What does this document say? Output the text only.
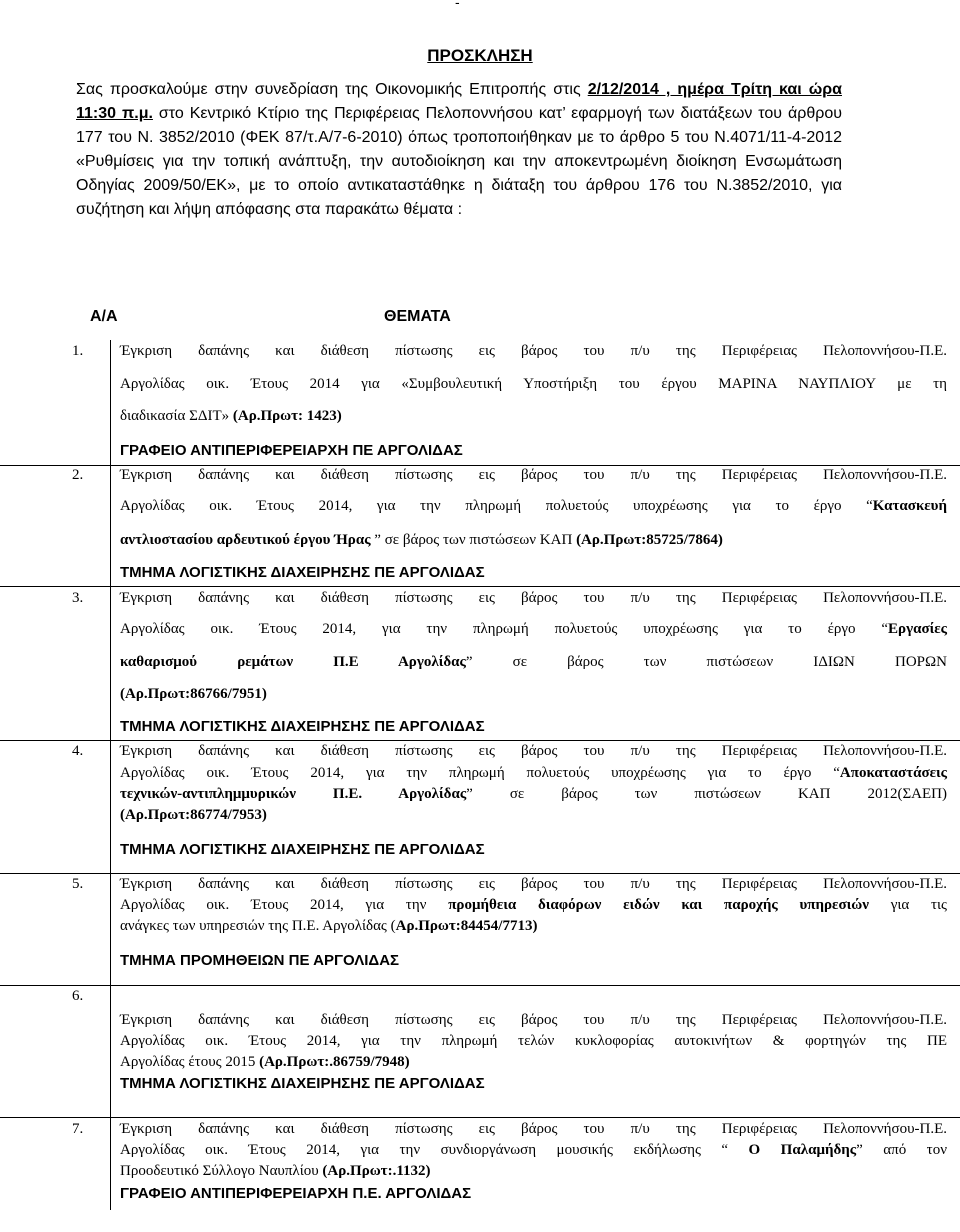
-
ΠΡΟΣΚΛΗΣΗ
Σας προσκαλούμε στην συνεδρίαση της Οικονομικής Επιτροπής στις 2/12/2014 , ημέρα Τρίτη και ώρα 11:30 π.μ. στο Κεντρικό Κτίριο της Περιφέρειας Πελοποννήσου κατ’ εφαρμογή των διατάξεων του άρθρου 177 του Ν. 3852/2010 (ΦΕΚ 87/τ.Α/7-6-2010) όπως τροποποιήθηκαν με το άρθρο 5 του Ν.4071/11-4-2012 «Ρυθμίσεις για την τοπική ανάπτυξη, την αυτοδιοίκηση και την αποκεντρωμένη διοίκηση Ενσωμάτωση Οδηγίας 2009/50/ΕΚ», με το οποίο αντικαταστάθηκε η διάταξη του άρθρου 176 του Ν.3852/2010, για συζήτηση και λήψη απόφασης στα παρακάτω θέματα :
Α/Α	ΘΕΜΑΤΑ
1. Έγκριση δαπάνης και διάθεση πίστωσης εις βάρος του π/υ της Περιφέρειας Πελοποννήσου-Π.Ε.
Αργολίδας οικ. Έτους 2014 για «Συμβουλευτική Υποστήριξη του έργου ΜΑΡΙΝΑ ΝΑΥΠΛΙΟΥ με τη
διαδικασία ΣΔΙΤ» (Αρ.Πρωτ: 1423)
ΓΡΑΦΕΙΟ ΑΝΤΙΠΕΡΙΦΕΡΕΙΑΡΧΗ ΠΕ ΑΡΓΟΛΙΔΑΣ
2. Έγκριση δαπάνης και διάθεση πίστωσης εις βάρος του π/υ της Περιφέρειας Πελοποννήσου-Π.Ε.
Αργολίδας οικ. Έτους 2014, για την πληρωμή πολυετούς υποχρέωσης για το έργο “Κατασκευή
αντλιοστασίου αρδευτικού έργου Ήρας ” σε βάρος των πιστώσεων ΚΑΠ (Αρ.Πρωτ:85725/7864)
ΤΜΗΜΑ ΛΟΓΙΣΤΙΚΗΣ ΔΙΑΧΕΙΡΗΣΗΣ ΠΕ ΑΡΓΟΛΙΔΑΣ
3. Έγκριση δαπάνης και διάθεση πίστωσης εις βάρος του π/υ της Περιφέρειας Πελοποννήσου-Π.Ε.
Αργολίδας οικ. Έτους 2014, για την πληρωμή πολυετούς υποχρέωσης για το έργο “Εργασίες
καθαρισμού ρεμάτων Π.Ε Αργολίδας” σε βάρος των πιστώσεων ΙΔΙΩΝ ΠΟΡΩΝ
(Αρ.Πρωτ:86766/7951)
ΤΜΗΜΑ ΛΟΓΙΣΤΙΚΗΣ ΔΙΑΧΕΙΡΗΣΗΣ ΠΕ ΑΡΓΟΛΙΔΑΣ
4. Έγκριση δαπάνης και διάθεση πίστωσης εις βάρος του π/υ της Περιφέρειας Πελοποννήσου-Π.Ε.
Αργολίδας οικ. Έτους 2014, για την πληρωμή πολυετούς υποχρέωσης για το έργο “Αποκαταστάσεις
τεχνικών-αντιπλημμυρικών Π.Ε. Αργολίδας” σε βάρος των πιστώσεων ΚΑΠ 2012(ΣΑΕΠ)
(Αρ.Πρωτ:86774/7953)
ΤΜΗΜΑ ΛΟΓΙΣΤΙΚΗΣ ΔΙΑΧΕΙΡΗΣΗΣ ΠΕ ΑΡΓΟΛΙΔΑΣ
5. Έγκριση δαπάνης και διάθεση πίστωσης εις βάρος του π/υ της Περιφέρειας Πελοποννήσου-Π.Ε.
Αργολίδας οικ. Έτους 2014, για την προμήθεια διαφόρων ειδών και παροχής υπηρεσιών για τις
ανάγκες των υπηρεσιών της Π.Ε. Αργολίδας (Αρ.Πρωτ:84454/7713)
ΤΜΗΜΑ ΠΡΟΜΗΘΕΙΩΝ ΠΕ ΑΡΓΟΛΙΔΑΣ
6.
Έγκριση δαπάνης και διάθεση πίστωσης εις βάρος του π/υ της Περιφέρειας Πελοποννήσου-Π.Ε.
Αργολίδας οικ. Έτους 2014, για την πληρωμή τελών κυκλοφορίας αυτοκινήτων & φορτηγών της ΠΕ
Αργολίδας έτους 2015 (Αρ.Πρωτ:.86759/7948)
ΤΜΗΜΑ ΛΟΓΙΣΤΙΚΗΣ ΔΙΑΧΕΙΡΗΣΗΣ ΠΕ ΑΡΓΟΛΙΔΑΣ
7. Έγκριση δαπάνης και διάθεση πίστωσης εις βάρος του π/υ της Περιφέρειας Πελοποννήσου-Π.Ε.
Αργολίδας οικ. Έτους 2014, για την συνδιοργάνωση μουσικής εκδήλωσης “ Ο Παλαμήδης” από τον
Προοδευτικό Σύλλογο Ναυπλίου (Αρ.Πρωτ:.1132)
ΓΡΑΦΕΙΟ ΑΝΤΙΠΕΡΙΦΕΡΕΙΑΡΧΗ Π.Ε. ΑΡΓΟΛΙΔΑΣ
